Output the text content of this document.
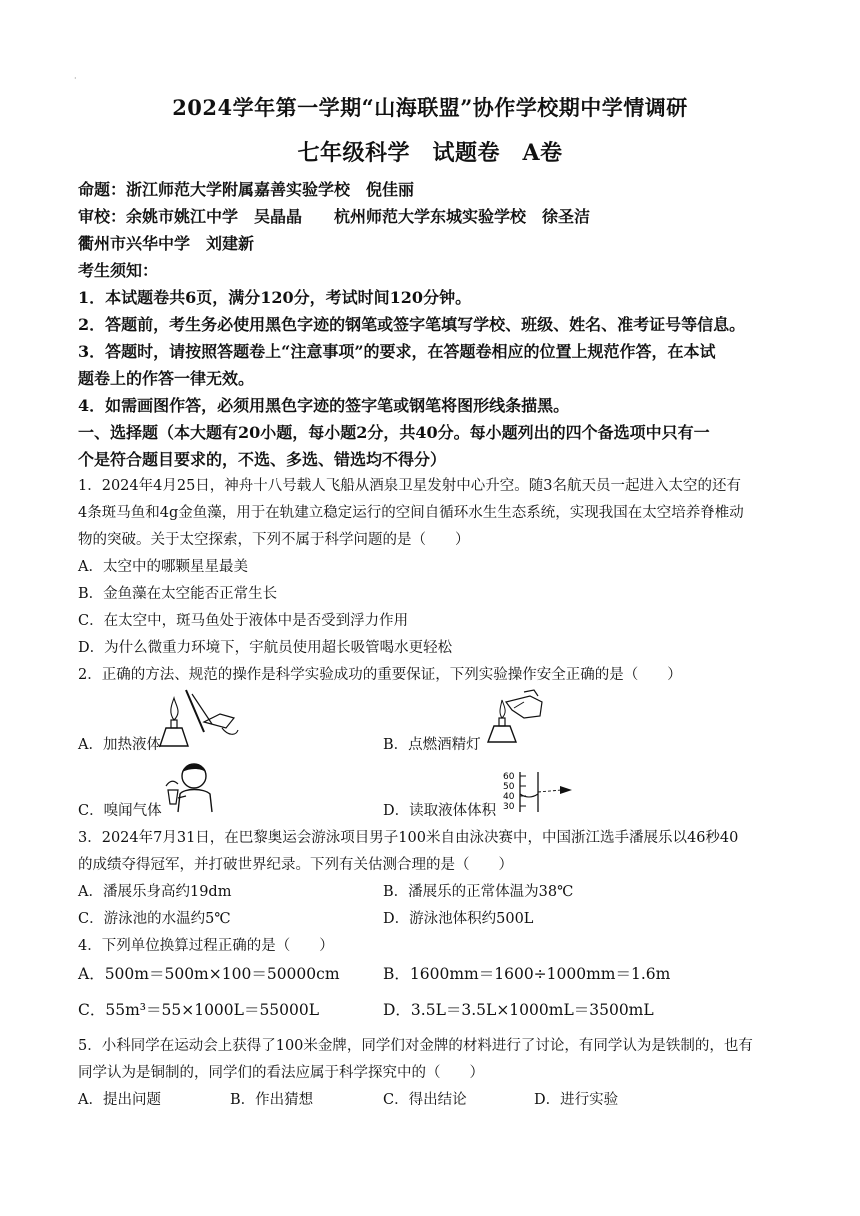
·
2024学年第一学期“山海联盟”协作学校期中学情调研
七年级科学　试题卷　A卷
命题：浙江师范大学附属嘉善实验学校　倪佳丽
审校：余姚市姚江中学　吴晶晶　　杭州师范大学东城实验学校　徐圣洁
衢州市兴华中学　刘建新
考生须知：
1．本试题卷共6页，满分120分，考试时间120分钟。
2．答题前，考生务必使用黑色字迹的钢笔或签字笔填写学校、班级、姓名、准考证号等信息。
3．答题时，请按照答题卷上“注意事项”的要求，在答题卷相应的位置上规范作答，在本试
题卷上的作答一律无效。
4．如需画图作答，必须用黑色字迹的签字笔或钢笔将图形线条描黑。
一、选择题（本大题有20小题，每小题2分，共40分。每小题列出的四个备选项中只有一
个是符合题目要求的，不选、多选、错选均不得分）
1．2024年4月25日，神舟十八号载人飞船从酒泉卫星发射中心升空。随3名航天员一起进入太空的还有
4条斑马鱼和4g金鱼藻，用于在轨建立稳定运行的空间自循环水生生态系统，实现我国在太空培养脊椎动
物的突破。关于太空探索，下列不属于科学问题的是（　　）
A．太空中的哪颗星星最美
B．金鱼藻在太空能否正常生长
C．在太空中，斑马鱼处于液体中是否受到浮力作用
D．为什么微重力环境下，宇航员使用超长吸管喝水更轻松
2．正确的方法、规范的操作是科学实验成功的重要保证，下列实验操作安全正确的是（　　）
A．加热液体	B．点燃酒精灯
C．嗅闻气体	D．读取液体体积
60
50
40
30
3．2024年7月31日，在巴黎奥运会游泳项目男子100米自由泳决赛中，中国浙江选手潘展乐以46秒40
的成绩夺得冠军，并打破世界纪录。下列有关估测合理的是（　　）
A．潘展乐身高约19dm	B．潘展乐的正常体温为38℃
C．游泳池的水温约5℃	D．游泳池体积约500L
4．下列单位换算过程正确的是（　　）
A．500m＝500m×100＝50000cm	B．1600mm＝1600÷1000mm＝1.6m
C．55m³＝55×1000L＝55000L	D．3.5L＝3.5L×1000mL＝3500mL
5．小科同学在运动会上获得了100米金牌，同学们对金牌的材料进行了讨论，有同学认为是铁制的，也有
同学认为是铜制的，同学们的看法应属于科学探究中的（　　）
A．提出问题	B．作出猜想	C．得出结论	D．进行实验
